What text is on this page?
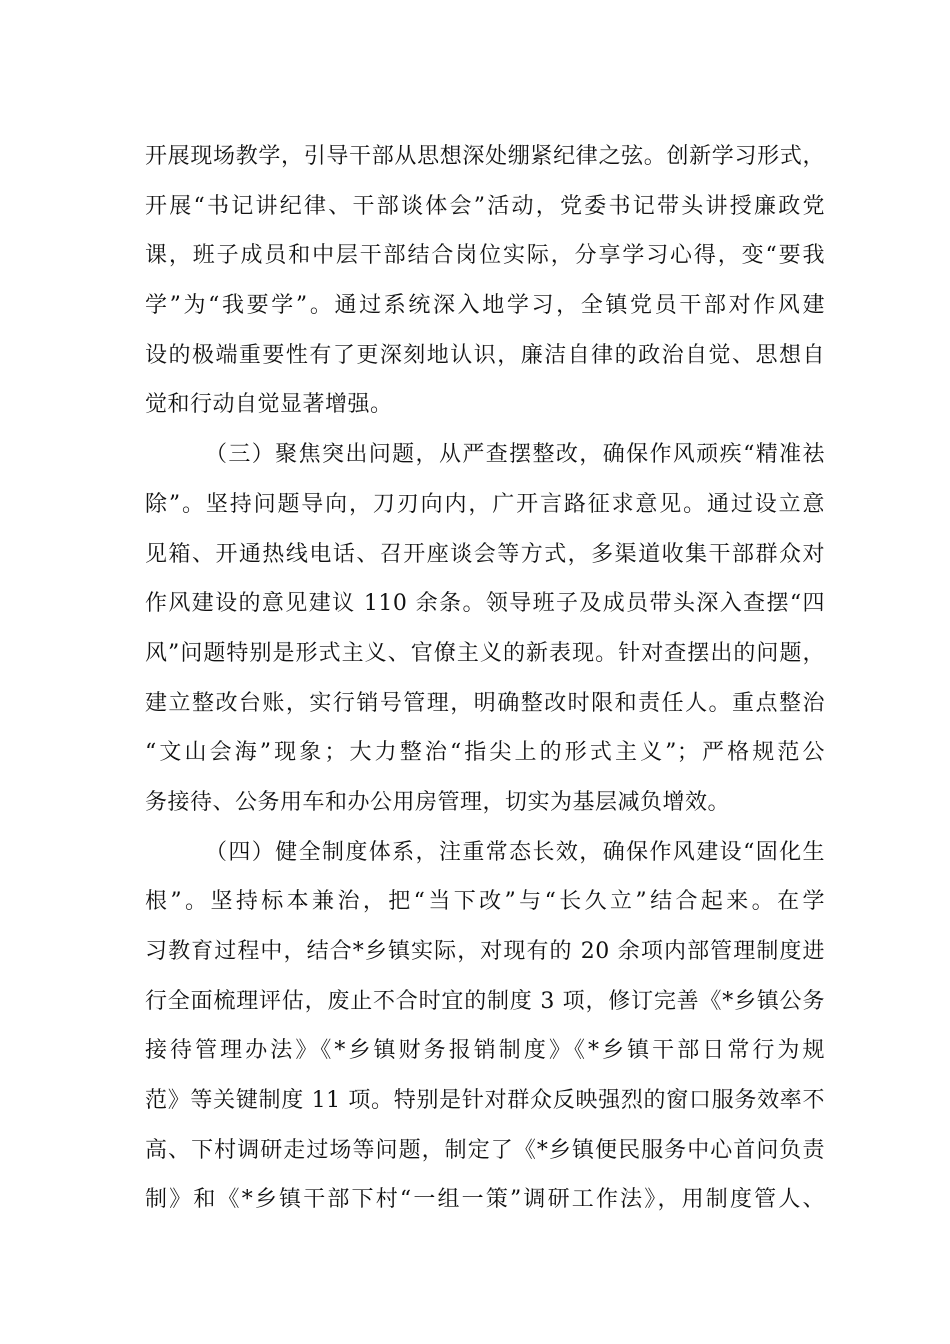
开展现场教学，引导干部从思想深处绷紧纪律之弦。创新学习形式，
开展“书记讲纪律、干部谈体会”活动，党委书记带头讲授廉政党
课，班子成员和中层干部结合岗位实际，分享学习心得，变“要我
学”为“我要学”。通过系统深入地学习，全镇党员干部对作风建
设的极端重要性有了更深刻地认识，廉洁自律的政治自觉、思想自
觉和行动自觉显著增强。
（三）聚焦突出问题，从严查摆整改，确保作风顽疾“精准祛
除”。坚持问题导向，刀刃向内，广开言路征求意见。通过设立意
见箱、开通热线电话、召开座谈会等方式，多渠道收集干部群众对
作风建设的意见建议 110 余条。领导班子及成员带头深入查摆“四
风”问题特别是形式主义、官僚主义的新表现。针对查摆出的问题，
建立整改台账，实行销号管理，明确整改时限和责任人。重点整治
“文山会海”现象；大力整治“指尖上的形式主义”；严格规范公
务接待、公务用车和办公用房管理，切实为基层减负增效。
（四）健全制度体系，注重常态长效，确保作风建设“固化生
根”。坚持标本兼治，把“当下改”与“长久立”结合起来。在学
习教育过程中，结合*乡镇实际，对现有的 20 余项内部管理制度进
行全面梳理评估，废止不合时宜的制度 3 项，修订完善《*乡镇公务
接待管理办法》《*乡镇财务报销制度》《*乡镇干部日常行为规
范》等关键制度 11 项。特别是针对群众反映强烈的窗口服务效率不
高、下村调研走过场等问题，制定了《*乡镇便民服务中心首问负责
制》和《*乡镇干部下村“一组一策”调研工作法》，用制度管人、
